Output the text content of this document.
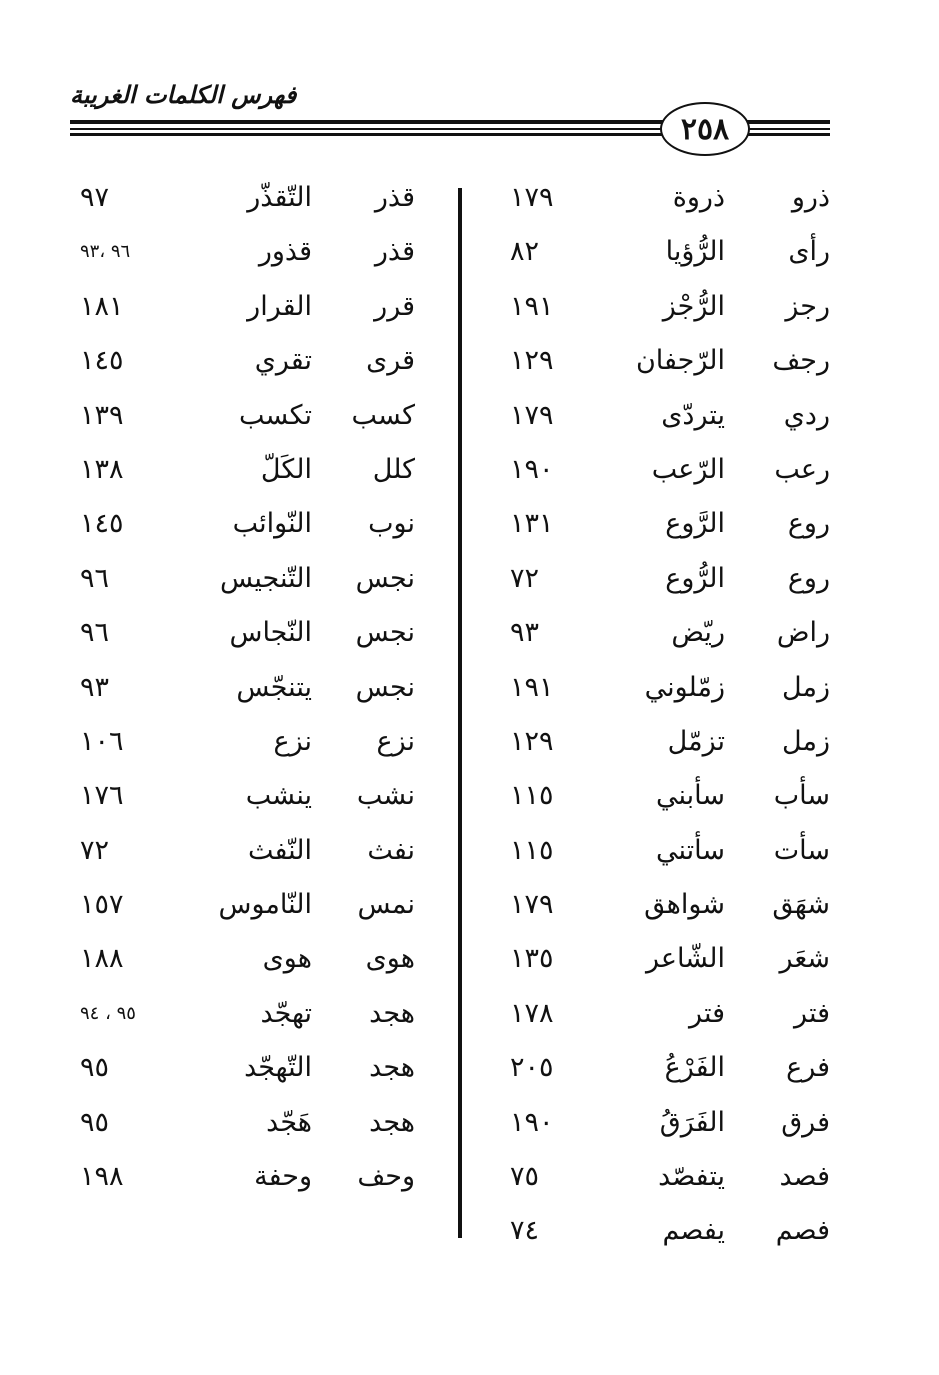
فهرس الكلمات الغريبة
٢٥٨
ذرو
ذروة
١٧٩
رأى
الرُّؤيا
٨٢
رجز
الرُّجْز
١٩١
رجف
الرّجفان
١٢٩
ردي
يتردّى
١٧٩
رعب
الرّعب
١٩٠
روع
الرَّوع
١٣١
روع
الرُّوع
٧٢
راض
ريّض
٩٣
زمل
زمّلوني
١٩١
زمل
تزمّل
١٢٩
سأب
سأبني
١١٥
سأت
سأتني
١١٥
شهَق
شواهق
١٧٩
شعَر
الشّاعر
١٣٥
فتر
فتر
١٧٨
فرع
الفَرْعُ
٢٠٥
فرق
الفَرَقُ
١٩٠
فصد
يتفصّد
٧٥
فصم
يفصم
٧٤
قذر
التّقذّر
٩٧
قذر
قذور
٩٦ ،٩٣
قرر
القرار
١٨١
قرى
تقري
١٤٥
كسب
تكسب
١٣٩
كلل
الكَلّ
١٣٨
نوب
النّوائب
١٤٥
نجس
التّنجيس
٩٦
نجس
النّجاس
٩٦
نجس
يتنجّس
٩٣
نزع
نزع
١٠٦
نشب
ينشب
١٧٦
نفث
النّفث
٧٢
نمس
النّاموس
١٥٧
هوى
هوى
١٨٨
هجد
تهجّد
٩٥ ، ٩٤
هجد
التّهجّد
٩٥
هجد
هَجّد
٩٥
وحف
وحفة
١٩٨
